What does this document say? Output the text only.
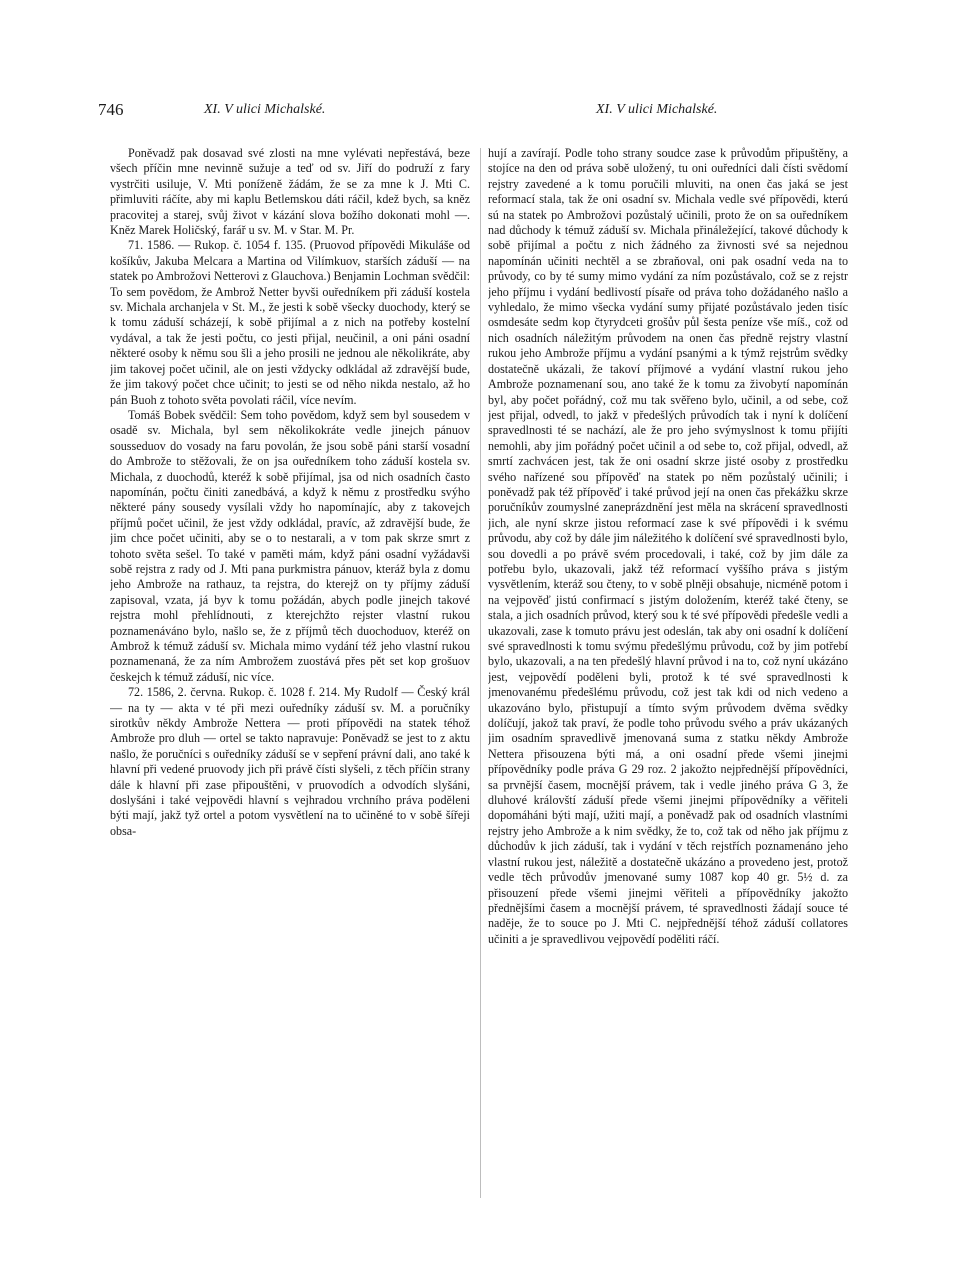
746	XI. V ulici Michalské.	XI. V ulici Michalské.

Poněvadž pak dosavad své zlosti na mne vylévati nepřestává, beze všech příčin mne nevinně sužuje a teď od sv. Jiří do podruží z fary vystrčiti usiluje, V. Mti poníženě žádám, že se za mne k J. Mti C. přimluviti ráčíte, aby mi kaplu Betlemskou dáti ráčil, kdež bych, sa kněz pracovitej a starej, svůj život v kázání slova božího dokonati mohl —. Kněz Marek Holičský, farář u sv. M. v Star. M. Pr.

71. 1586. — Rukop. č. 1054 f. 135. (Pruovod přípovědi Mikuláše od košíkův, Jakuba Melcara a Martina od Vilímkuov, starších záduší — na statek po Ambrožovi Netterovi z Glauchova.) Benjamin Lochman svědčil: To sem povědom, že Ambrož Netter byvši ouředníkem při záduší kostela sv. Michala archanjela v St. M., že jesti k sobě všecky duochody, který se k tomu záduší scházejí, k sobě přijímal a z nich na potřeby kostelní vydával, a tak že jesti počtu, co jesti přijal, neučinil, a oni páni osadní některé osoby k němu sou šli a jeho prosili ne jednou ale několikráte, aby jim takovej počet učinil, ale on jesti vždycky odkládal až zdravější bude, že jim takový počet chce učinit; to jesti se od něho nikda nestalo, až ho pán Buoh z tohoto světa povolati ráčil, více nevím.

Tomáš Bobek svědčil: Sem toho povědom, když sem byl sousedem v osadě sv. Michala, byl sem několikokráte vedle jinejch pánuov sousseduov do vosady na faru povolán, že jsou sobě páni starší vosadní do Ambrože to stěžovali, že on jsa ouředníkem toho záduší kostela sv. Michala, z duochodů, kteréž k sobě přijímal, jsa od nich osadních často napomínán, počtu činiti zanedbává, a když k němu z prostředku svýho některé pány sousedy vysílali vždy ho napomínajíc, aby z takovejch příjmů počet učinil, že jest vždy odkládal, pravíc, až zdravější bude, že jim chce počet učiniti, aby se o to nestarali, a v tom pak skrze smrt z tohoto světa sešel. To také v paměti mám, když páni osadní vyžádavši sobě rejstra z rady od J. Mti pana purkmistra pánuov, kteráž byla z domu jeho Ambrože na rathauz, ta rejstra, do kterejž on ty příjmy záduší zapisoval, vzata, já byv k tomu požádán, abych podle jinejch takové rejstra mohl přehlídnouti, z kterejchžto rejster vlastní rukou poznamenáváno bylo, našlo se, že z příjmů těch duochoduov, kteréž on Ambrož k témuž záduší sv. Michala mimo vydání též jeho vlastní rukou poznamenaná, že za ním Ambrožem zuostává přes pět set kop grošuov českejch k témuž záduší, nic více.

72. 1586, 2. června. Rukop. č. 1028 f. 214. My Rudolf — Český král — na ty — akta v té při mezi ouředníky záduší sv. M. a poručníky sirotkův někdy Ambrože Nettera — proti přípovědi na statek téhož Ambrože pro dluh — ortel se takto napravuje: Poněvadž se jest to z aktu našlo, že poručníci s ouředníky záduší se v sepření právní dali, ano také k hlavní při vedené pruovody jich při právě čísti slyšeli, z těch příčin strany dále k hlavní při zase připouštěni, v pruovodích a odvodích slyšáni, doslyšáni i také vejpovědi hlavní s vejhradou vrchního práva poděleni býti mají, jakž tyž ortel a potom vysvětlení na to učiněné to v sobě šířeji obsa-

hují a zavírají. Podle toho strany soudce zase k průvodům připuštěny, a stojíce na den od práva sobě uložený, tu oni ouředníci dali čísti svědomí rejstry zavedené a k tomu poručili mluviti, na onen čas jaká se jest reformací stala, tak že oni osadní sv. Michala vedle své přípovědi, kterú sú na statek po Ambrožovi pozůstalý učinili, proto že on sa ouředníkem nad důchody k témuž záduší sv. Michala přináležející, takové důchody k sobě přijímal a počtu z nich žádného za živnosti své sa nejednou napomínán učiniti nechtěl a se zbraňoval, oni pak osadní veda na to průvody, co by té sumy mimo vydání za ním pozůstávalo, což se z rejstr jeho příjmu i vydání bedlivostí písaře od práva toho dožádaného našlo a vyhledalo, že mimo všecka vydání sumy přijaté pozůstávalo jeden tisíc osmdesáte sedm kop čtyrydceti grošův půl šesta peníze vše míš., což od nich osadních náležitým průvodem na onen čas předně rejstry vlastní rukou jeho Ambrože příjmu a vydání psanými a k týmž rejstrům svědky dostatečně ukázali, že takoví příjmové a vydání vlastní rukou jeho Ambrože poznamenaní sou, ano také že k tomu za živobytí napomínán byl, aby počet pořádný, což mu tak svěřeno bylo, učinil, a od sebe, což jest přijal, odvedl, to jakž v předešlých průvodích tak i nyní k dolíčení spravedlnosti té se nachází, ale že pro jeho svýmyslnost k tomu přijíti nemohli, aby jim pořádný počet učinil a od sebe to, což přijal, odvedl, až smrtí zachvácen jest, tak že oni osadní skrze jisté osoby z prostředku svého nařízené sou přípověď na statek po něm pozůstalý učinili; i poněvadž pak též přípověď i také průvod její na onen čas překážku skrze poručníkův zoumyslné zaneprázdnění jest měla na skrácení spravedlnosti jich, ale nyní skrze jistou reformací zase k své přípovědi i k svému průvodu, aby což by dále jim náležitého k dolíčení své spravedlnosti bylo, sou dovedli a po právě svém procedovali, i také, což by jim dále za potřebu bylo, ukazovali, jakž též reformací vyššího práva s jistým vysvětlením, kteráž sou čteny, to v sobě plněji obsahuje, nicméně potom i na vejpověď jistú confirmací s jistým doložením, kteréž také čteny, se stala, a jich osadních průvod, který sou k té své přípovědi předešle vedli a ukazovali, zase k tomuto právu jest odeslán, tak aby oni osadní k dolíčení své spravedlnosti k tomu svýmu předešlýmu průvodu, což by jim potřebí bylo, ukazovali, a na ten předešlý hlavní průvod i na to, což nyní ukázáno jest, vejpovědí poděleni byli, protož k té své spravedlnosti k jmenovanému předešlému průvodu, což jest tak kdi od nich vedeno a ukazováno bylo, přistupují a tímto svým průvodem dvěma svědky dolíčují, jakož tak praví, že podle toho průvodu svého a práv ukázaných jim osadním spravedlivě jmenovaná suma z statku někdy Ambrože Nettera přisouzena býti má, a oni osadní přede všemi jinejmi přípovědníky podle práva G 29 roz. 2 jakožto nejpřednější přípovědníci, sa prvnější časem, mocnější právem, tak i vedle jiného práva G 3, že dluhové královští záduší přede všemi jinejmi přípovědníky a věřiteli dopomáháni býti mají, užiti mají, a poněvadž pak od osadních vlastními rejstry jeho Ambrože a k nim svědky, že to, což tak od něho jak příjmu z důchodův k jich záduší, tak i vydání v těch rejstřích poznamenáno jeho vlastní rukou jest, náležitě a dostatečně ukázáno a provedeno jest, protož vedle těch průvodův jmenované sumy 1087 kop 40 gr. 5½ d. za přisouzení přede všemi jinejmi věřiteli a přípovědníky jakožto přednějšími časem a mocnější právem, té spravedlnosti žádají souce té naděje, že to souce po J. Mti C. nejpřednější téhož záduší collatores učiniti a je spravedlivou vejpovědí poděliti ráčí.
